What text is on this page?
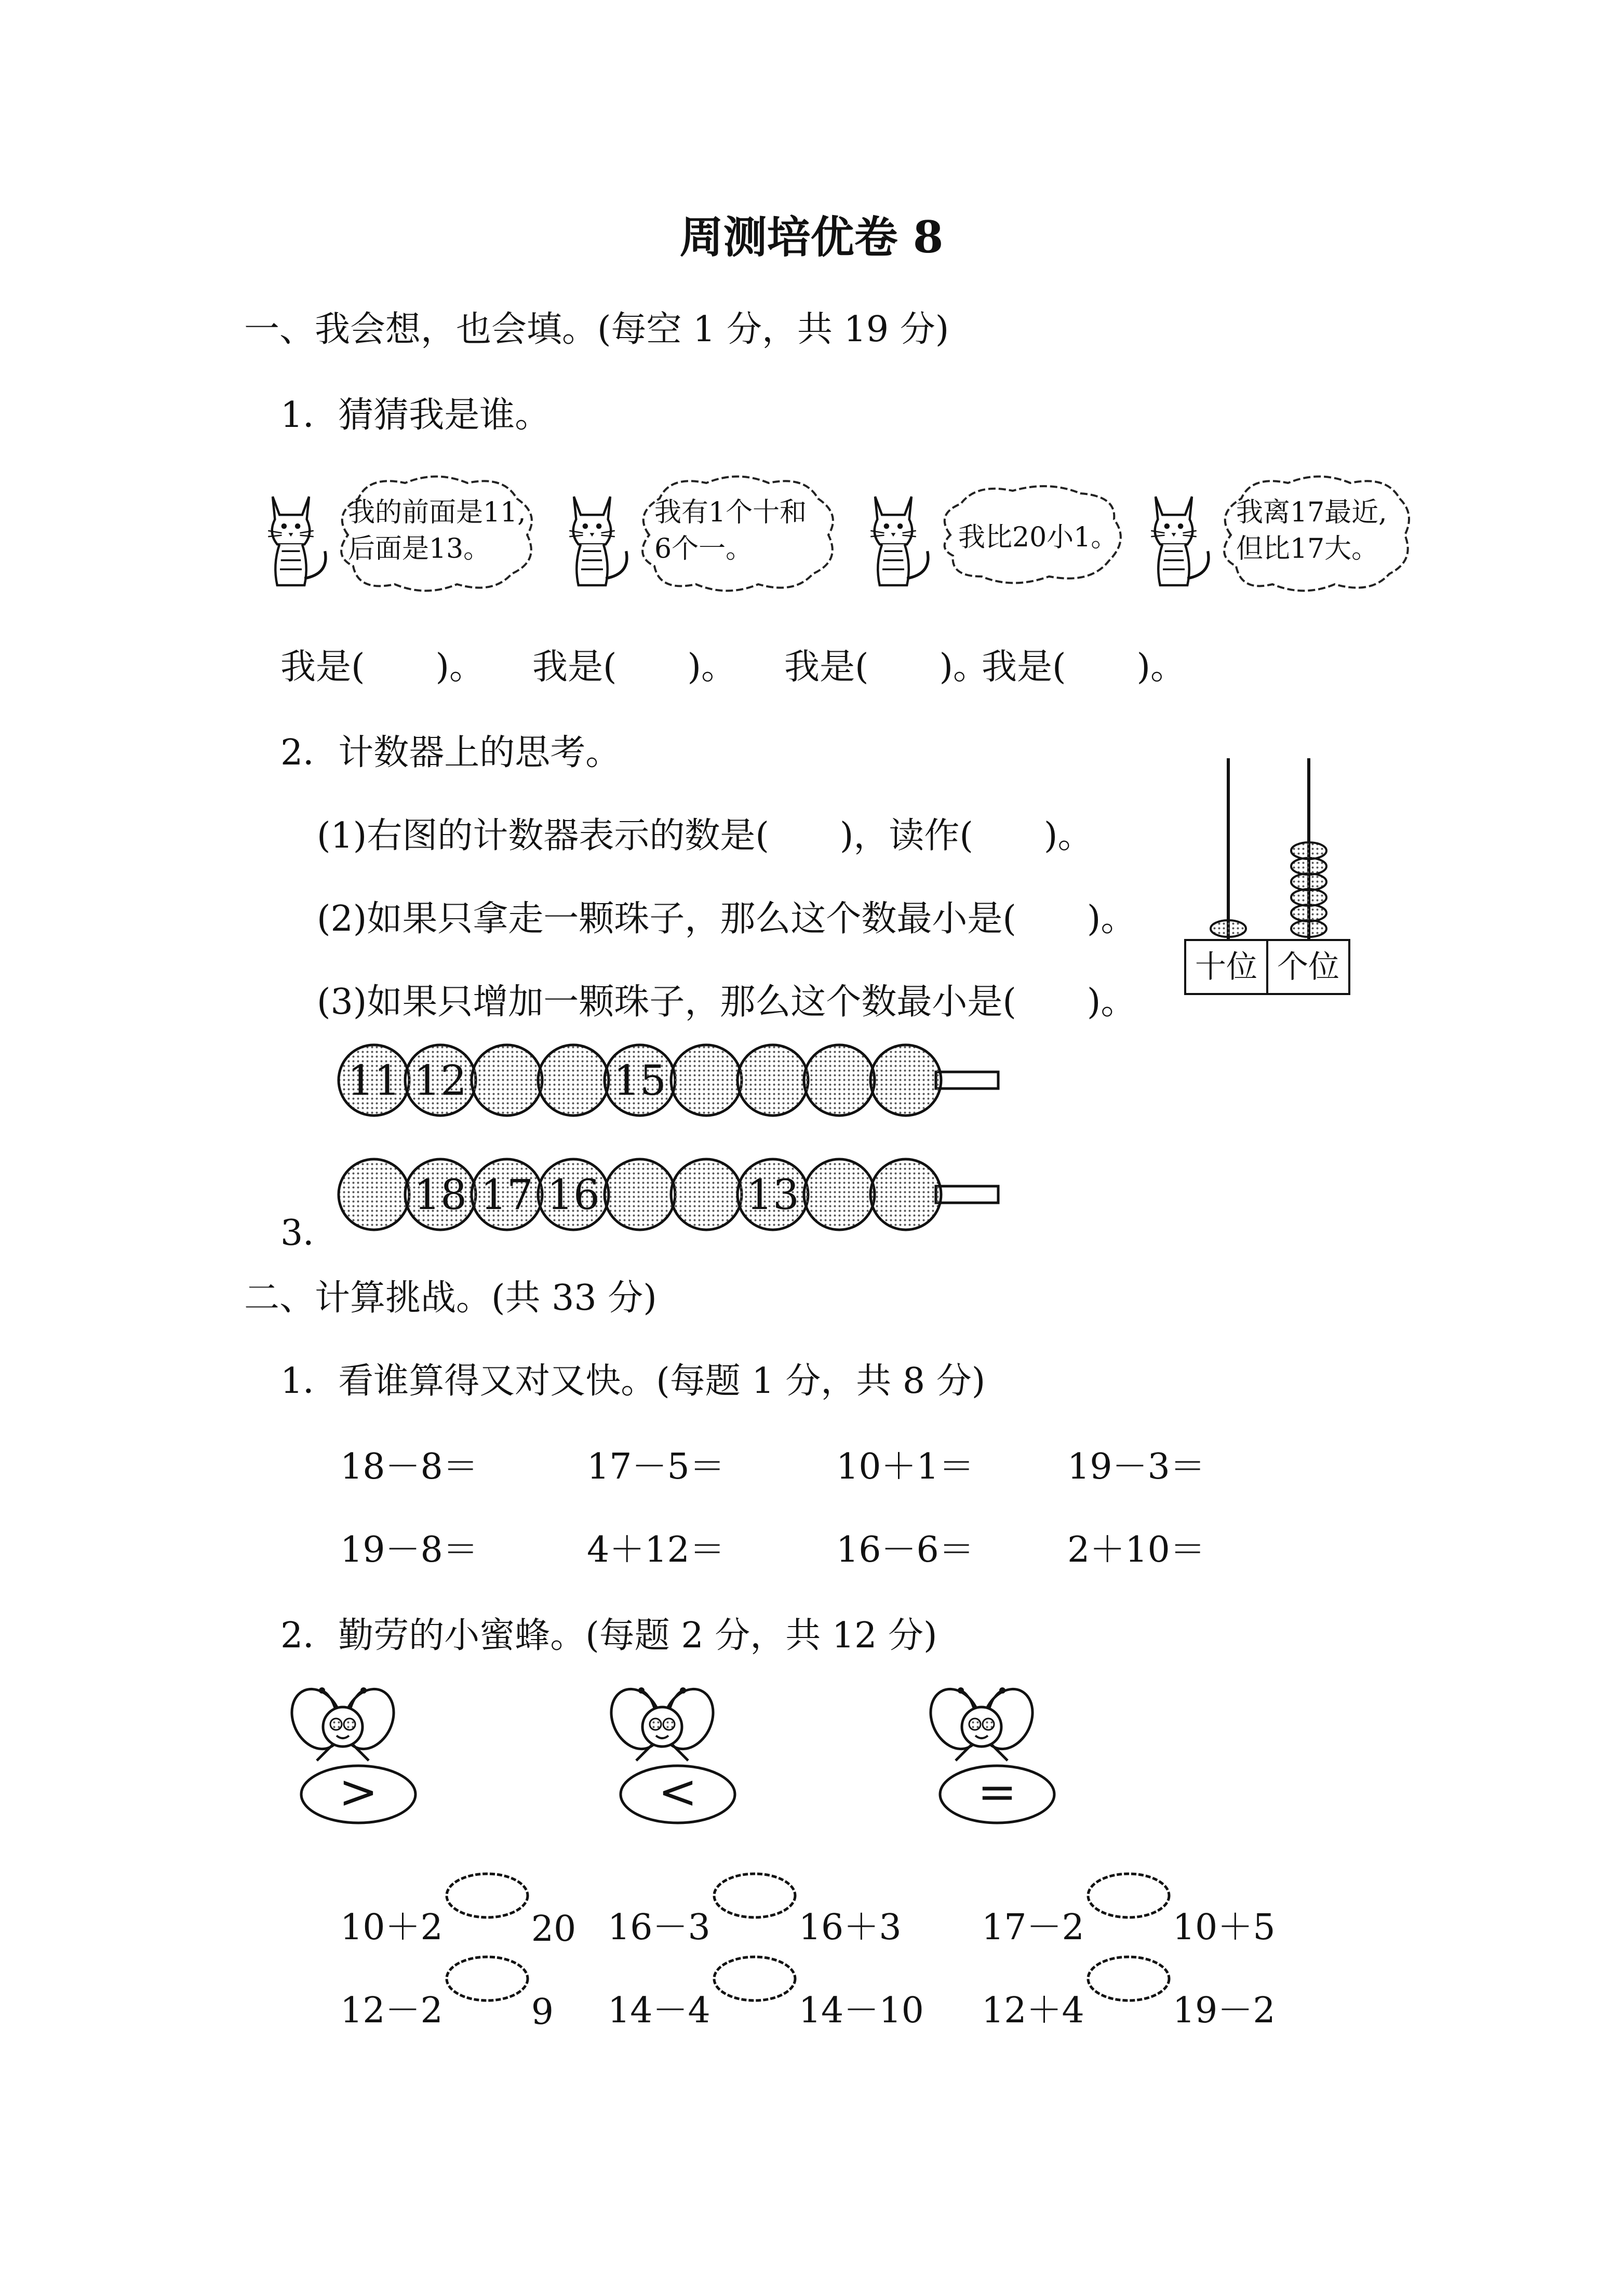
周测培优卷 8
一、我会想，也会填。(每空 1 分，共 19 分)
1．猜猜我是谁。
我的前面是11,
后面是13。
我有1个十和
6个一。	我比20小1。
我离17最近,
但比17大。
我是(　　)。 我是(　　)。 我是(　　)。
我是(　　)。
2．计数器上的思考。
(1)右图的计数器表示的数是(　　)，读作(　　)。
(2)如果只拿走一颗珠子，那么这个数最小是(　　)。
(3)如果只增加一颗珠子，那么这个数最小是(　　)。
十位 个位
3．
11 12	15
18 17 16	13
二、计算挑战。(共 33 分)
1．看谁算得又对又快。(每题 1 分，共 8 分)
18－8＝	17－5＝	10＋1＝	19－3＝
19－8＝	4＋12＝	16－6＝	2＋10＝
2．勤劳的小蜜蜂。(每题 2 分，共 12 分)
>	<	=
10＋2	20 16－3	16＋3 17－2	10＋5
12－2	9 14－4	14－10 12＋4	19－2
